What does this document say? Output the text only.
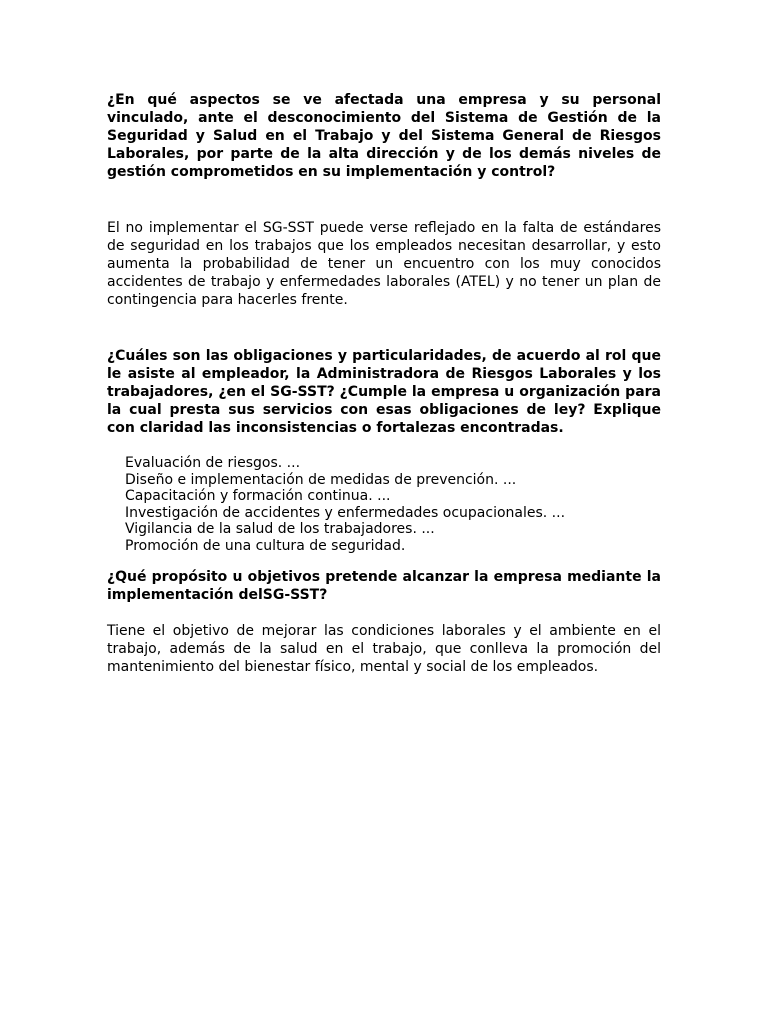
¿En qué aspectos se ve afectada una empresa y su personal vinculado, ante el desconocimiento del Sistema de Gestión de la Seguridad y Salud en el Trabajo y del Sistema General de Riesgos Laborales, por parte de la alta dirección y de los demás niveles de gestión comprometidos en su implementación y control?

El no implementar el SG-SST puede verse reflejado en la falta de estándares de seguridad en los trabajos que los empleados necesitan desarrollar, y esto aumenta la probabilidad de tener un encuentro con los muy conocidos accidentes de trabajo y enfermedades laborales (ATEL) y no tener un plan de contingencia para hacerles frente.

¿Cuáles son las obligaciones y particularidades, de acuerdo al rol que le asiste al empleador, la Administradora de Riesgos Laborales y los trabajadores, ¿en el SG-SST? ¿Cumple la empresa u organización para la cual presta sus servicios con esas obligaciones de ley? Explique con claridad las inconsistencias o fortalezas encontradas.

Evaluación de riesgos. ...
Diseño e implementación de medidas de prevención. ...
Capacitación y formación continua. ...
Investigación de accidentes y enfermedades ocupacionales. ...
Vigilancia de la salud de los trabajadores. ...
Promoción de una cultura de seguridad.

¿Qué propósito u objetivos pretende alcanzar la empresa mediante la implementación delSG-SST?

Tiene el objetivo de mejorar las condiciones laborales y el ambiente en el trabajo, además de la salud en el trabajo, que conlleva la promoción del mantenimiento del bienestar físico, mental y social de los empleados.
